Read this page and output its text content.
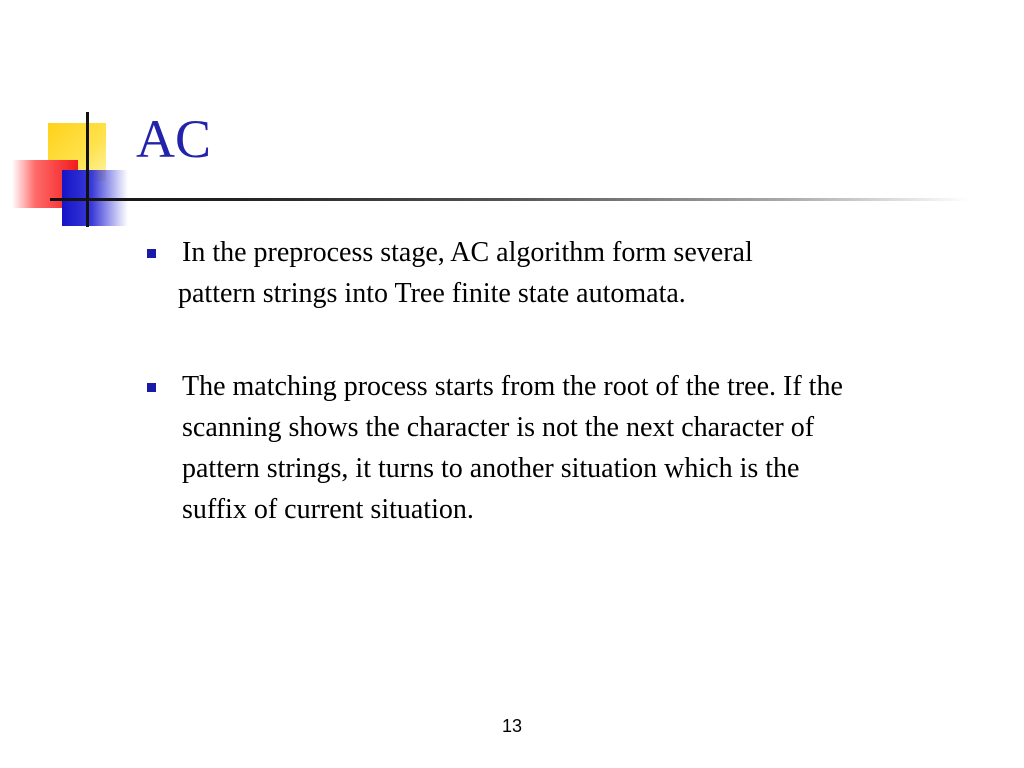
AC
In the preprocess stage, AC algorithm form several
pattern strings into Tree finite state automata.
The matching process starts from the root of the tree. If the
scanning shows the character is not the next character of
pattern strings, it turns to another situation which is the
suffix of current situation.
13
